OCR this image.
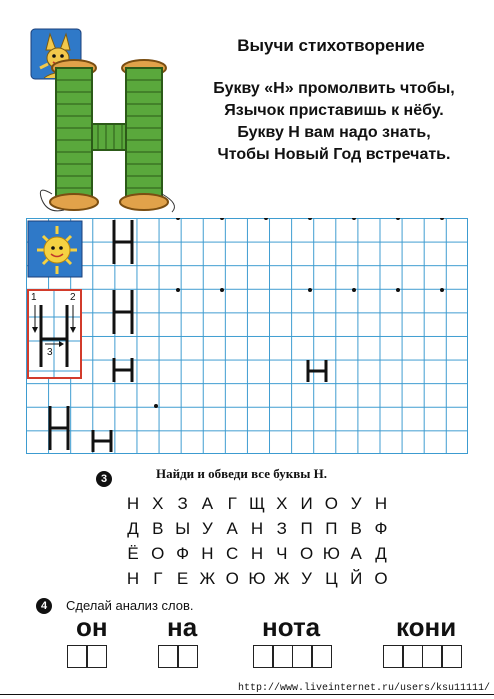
Выучи стихотворение
Букву «Н» промолвить чтобы,
Язычок приставишь к нёбу.
Букву Н вам надо знать,
Чтобы Новый Год встречать.
1	2
3
3	Найди и обведи все буквы Н.
Н Х З А Г Щ Х И О У Н
Д В Ы У А Н З П П В Ф
Ё О Ф Н С Н Ч О Ю А Д
Н Г Е Ж О Ю Ж У Ц Й О
4	Сделай анализ слов.
он на нота	кони
http://www.liveinternet.ru/users/ksu11111/
